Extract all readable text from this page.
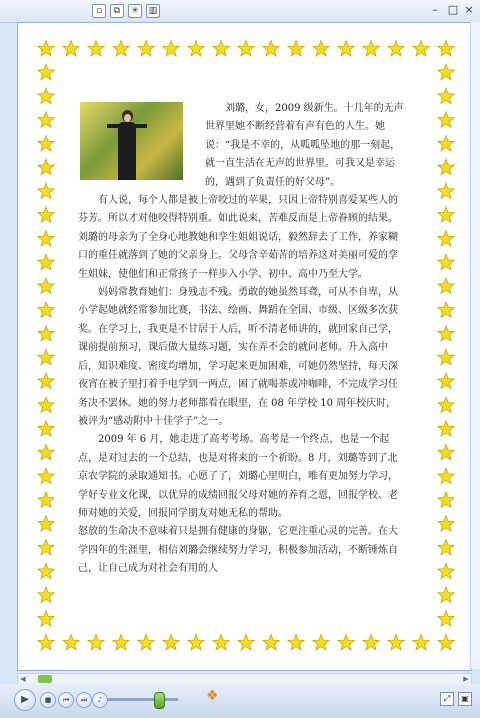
▫	⧉	✳	▥	– □ ×

刘璐，女，2009 级新生。十几年的无声世界里她不断经营着有声有色的人生。她说：“我是不幸的，从呱呱坠地的那一刻起，就一直生活在无声的世界里。可我又是幸运的，遇到了负责任的好父母”。

有人说，每个人都是被上帝咬过的苹果，只因上帝特别喜爱某些人的芬芳。所以才对他咬得特别重。如此说来，苦难反而是上帝眷顾的结果。刘璐的母亲为了全身心地教她和孪生姐姐说话，毅然辞去了工作，养家糊口的重任就落到了她的父亲身上。父母含辛茹苦的培养这对美丽可爱的孪生姐妹，使他们和正常孩子一样步入小学、初中、高中乃至大学。

妈妈常教育她们：身残志不残。勇敢的她虽然耳聋，可从不自卑，从小学起她就经常参加比赛，书法、绘画、舞蹈在全国、市级、区级多次获奖。在学习上，我更是不甘居于人后，听不清老师讲的，就回家自己学，课前提前预习，课后做大量练习题，实在弄不会的就问老师。升入高中后，知识难度、密度均增加，学习起来更加困难，可她仍然坚持，每天深夜宵在被子里打着手电学到一两点，困了就喝茶或冲咖啡，不完成学习任务决不罢休。她的努力老师都看在眼里，在 08 年学校 10 周年校庆时，被评为“感动附中十佳学子”之一。

2009 年 6 月，她走进了高考考场。高考是一个终点，也是一个起点，是对过去的一个总结，也是对将来的一个祈盼。8 月，刘璐等到了北京农学院的录取通知书。心愿了了，刘璐心里明白，唯有更加努力学习，学好专业文化课，以优异的成绩回报父母对她的养育之恩，回报学校、老师对她的关爱，回报同学朋友对她无私的帮助。

怒放的生命决不意味着只是拥有健康的身躯，它更注重心灵的完善。在大学四年的生涯里，相信刘璐会继续努力学习，积极参加活动，不断锤炼自己，让自己成为对社会有用的人

◀	▶
▶	■	⏮	⏭	♪	❖	⤢	▣
